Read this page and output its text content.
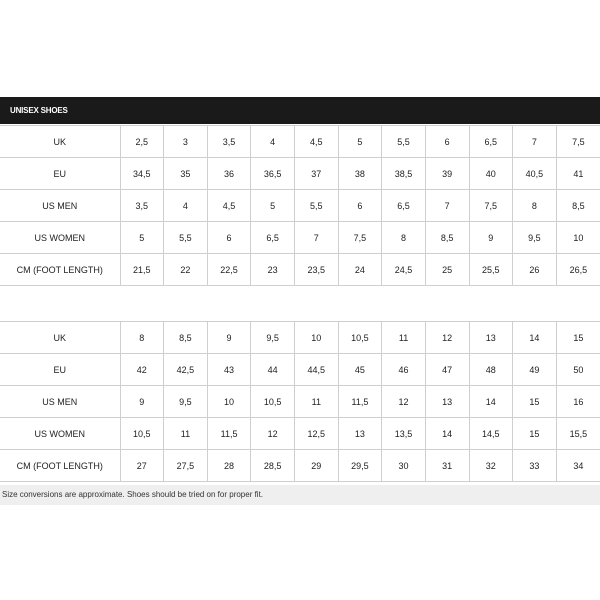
UNISEX SHOES
UK	2,5	3	3,5	4	4,5	5	5,5	6	6,5	7	7,5
EU	34,5	35	36	36,5	37	38	38,5	39	40	40,5	41
US MEN	3,5	4	4,5	5	5,5	6	6,5	7	7,5	8	8,5
US WOMEN	5	5,5	6	6,5	7	7,5	8	8,5	9	9,5	10
CM (FOOT LENGTH)	21,5	22	22,5	23	23,5	24	24,5	25	25,5	26	26,5
UK	8	8,5	9	9,5	10	10,5	11	12	13	14	15
EU	42	42,5	43	44	44,5	45	46	47	48	49	50
US MEN	9	9,5	10	10,5	11	11,5	12	13	14	15	16
US WOMEN	10,5	11	11,5	12	12,5	13	13,5	14	14,5	15	15,5
CM (FOOT LENGTH)	27	27,5	28	28,5	29	29,5	30	31	32	33	34
Size conversions are approximate. Shoes should be tried on for proper fit.
